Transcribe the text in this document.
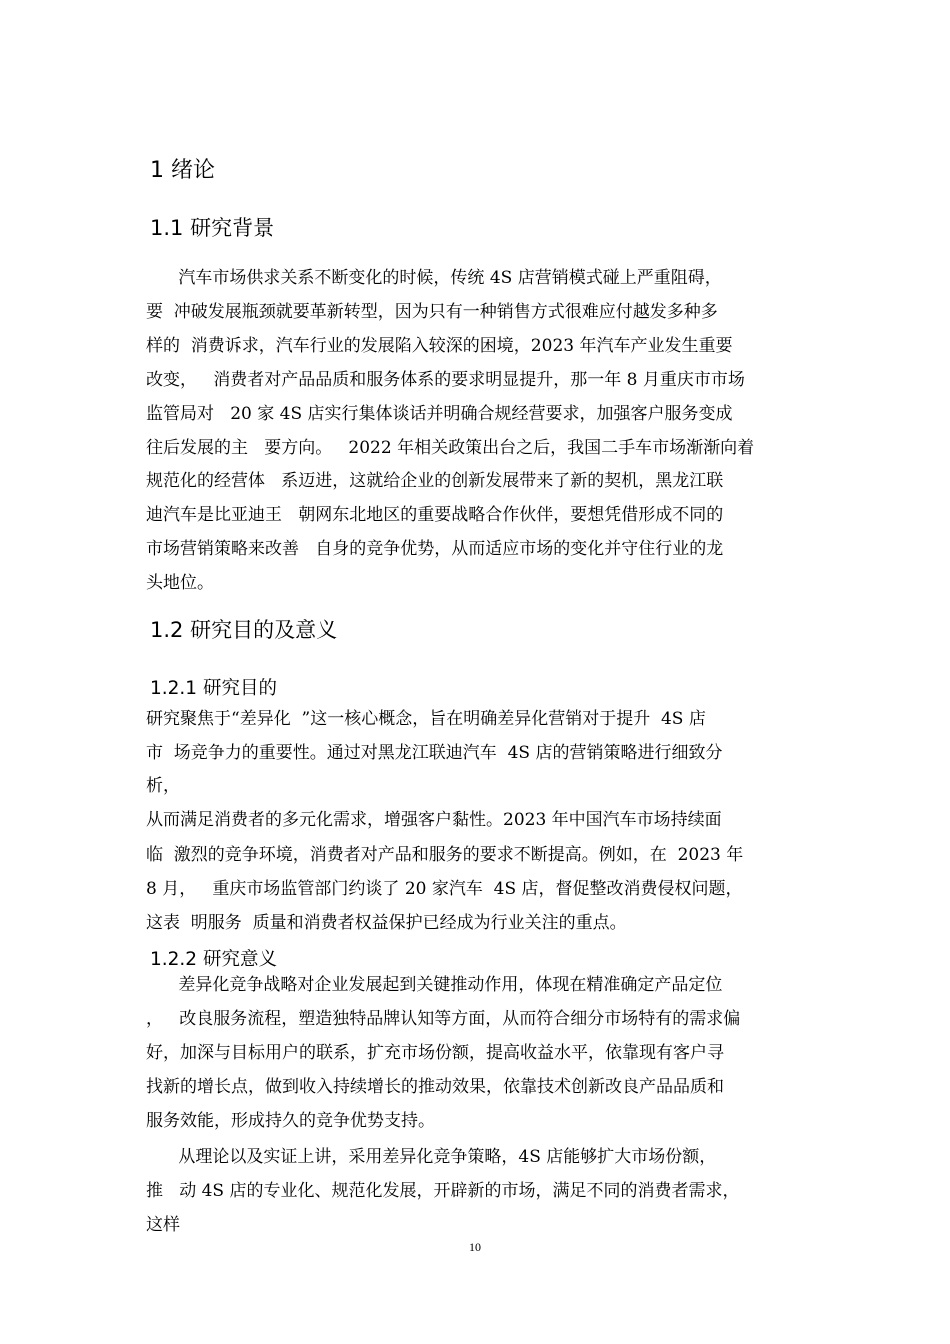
1 绪论
1.1 研究背景
汽车市场供求关系不断变化的时候，传统 4S 店营销模式碰上严重阻碍，
要  冲破发展瓶颈就要革新转型，因为只有一种销售方式很难应付越发多种多
样的  消费诉求，汽车行业的发展陷入较深的困境，2023 年汽车产业发生重要
改变，   消费者对产品品质和服务体系的要求明显提升，那一年 8 月重庆市市场
监管局对   20 家 4S 店实行集体谈话并明确合规经营要求，加强客户服务变成
往后发展的主   要方向。   2022 年相关政策出台之后，我国二手车市场渐渐向着
规范化的经营体   系迈进，这就给企业的创新发展带来了新的契机，黑龙江联
迪汽车是比亚迪王   朝网东北地区的重要战略合作伙伴，要想凭借形成不同的
市场营销策略来改善   自身的竞争优势，从而适应市场的变化并守住行业的龙
头地位。
1.2 研究目的及意义
1.2.1 研究目的
研究聚焦于“差异化  ”这一核心概念，旨在明确差异化营销对于提升  4S 店
市  场竞争力的重要性。通过对黑龙江联迪汽车  4S 店的营销策略进行细致分
析，
从而满足消费者的多元化需求，增强客户黏性。2023 年中国汽车市场持续面
临  激烈的竞争环境，消费者对产品和服务的要求不断提高。例如，在  2023 年
8 月，   重庆市场监管部门约谈了 20 家汽车  4S 店，督促整改消费侵权问题，
这表  明服务  质量和消费者权益保护已经成为行业关注的重点。
1.2.2 研究意义
差异化竞争战略对企业发展起到关键推动作用，体现在精准确定产品定位
，   改良服务流程，塑造独特品牌认知等方面，从而符合细分市场特有的需求偏
好，加深与目标用户的联系，扩充市场份额，提高收益水平，依靠现有客户寻
找新的增长点，做到收入持续增长的推动效果，依靠技术创新改良产品品质和
服务效能，形成持久的竞争优势支持。
从理论以及实证上讲，采用差异化竞争策略，4S 店能够扩大市场份额，
推   动 4S 店的专业化、规范化发展，开辟新的市场，满足不同的消费者需求，
这样
10
